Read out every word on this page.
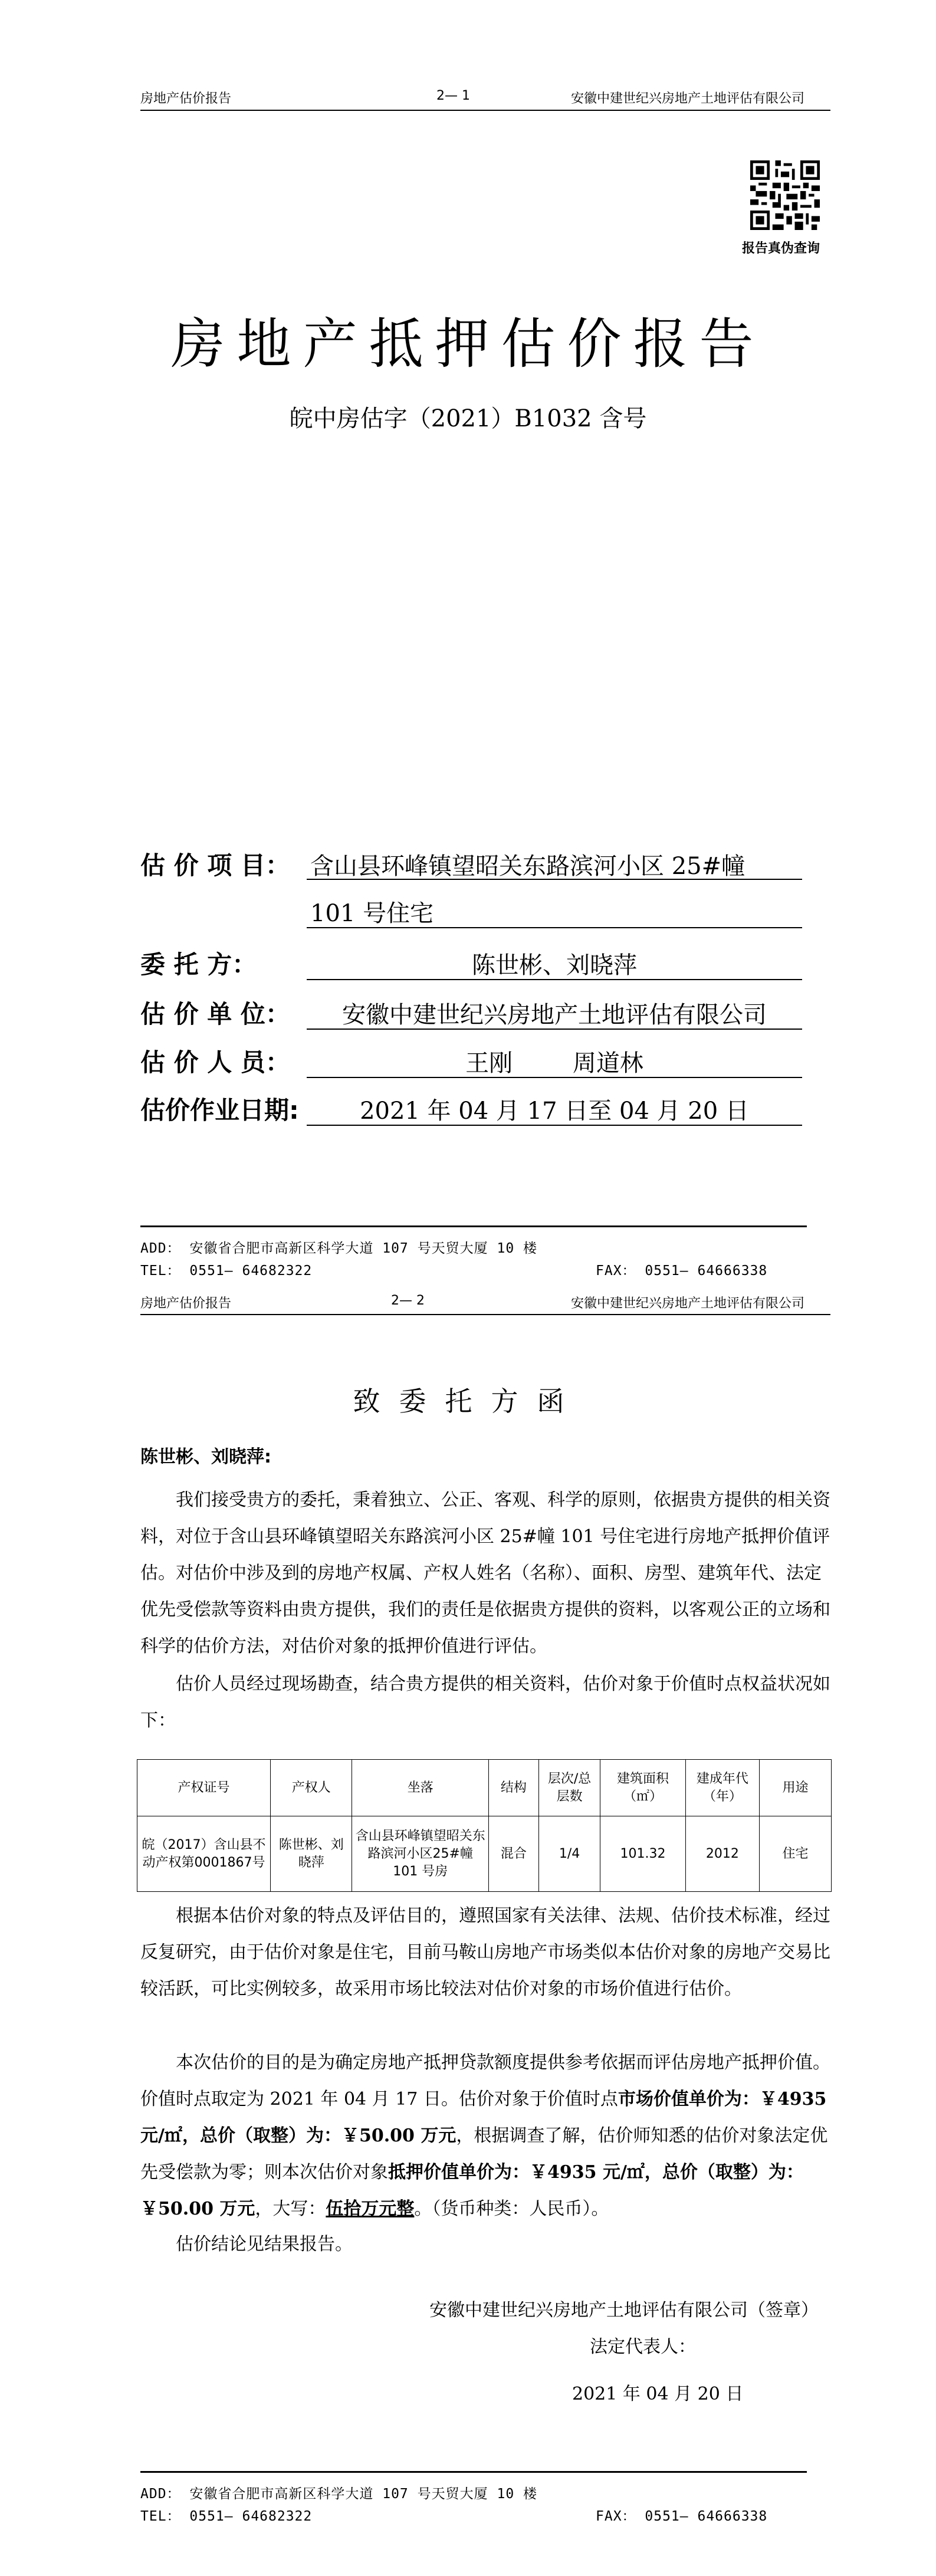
房地产估价报告	2— 1	安徽中建世纪兴房地产土地评估有限公司
报告真伪查询
房地产抵押估价报告
皖中房估字（2021）B1032 含号
估 价 项 目： 含山县环峰镇望昭关东路滨河小区 25#幢
101 号住宅
委 托 方：	陈世彬、刘晓萍
估 价 单 位：	安徽中建世纪兴房地产土地评估有限公司
估 价 人 员：	王刚        周道林
估价作业日期:	2021 年 04 月 17 日至 04 月 20 日
ADD： 安徽省合肥市高新区科学大道 107 号天贸大厦 10 楼
TEL： 0551— 64682322	FAX： 0551— 64666338
房地产估价报告	2— 2	安徽中建世纪兴房地产土地评估有限公司
致委托方函
陈世彬、刘晓萍:
我们接受贵方的委托，秉着独立、公正、客观、科学的原则，依据贵方提供的相关资料，对位于含山县环峰镇望昭关东路滨河小区 25#幢 101 号住宅进行房地产抵押价值评估。对估价中涉及到的房地产权属、产权人姓名（名称）、面积、房型、建筑年代、法定优先受偿款等资料由贵方提供，我们的责任是依据贵方提供的资料，以客观公正的立场和科学的估价方法，对估价对象的抵押价值进行评估。
估价人员经过现场勘查，结合贵方提供的相关资料，估价对象于价值时点权益状况如下：
产权证号	产权人	坐落	结构	层次/总层数	建筑面积（㎡）	建成年代（年）	用途
皖（2017）含山县不动产权第0001867号	陈世彬、刘晓萍	含山县环峰镇望昭关东路滨河小区25#幢 101 号房	混合	1/4	101.32	2012	住宅
根据本估价对象的特点及评估目的，遵照国家有关法律、法规、估价技术标准，经过反复研究，由于估价对象是住宅，目前马鞍山房地产市场类似本估价对象的房地产交易比较活跃，可比实例较多，故采用市场比较法对估价对象的市场价值进行估价。
本次估价的目的是为确定房地产抵押贷款额度提供参考依据而评估房地产抵押价值。价值时点取定为 2021 年 04 月 17 日。估价对象于价值时点市场价值单价为：￥4935 元/㎡，总价（取整）为：￥50.00 万元，根据调查了解，估价师知悉的估价对象法定优先受偿款为零；则本次估价对象抵押价值单价为：￥4935 元/㎡，总价（取整）为：￥50.00 万元，大写：伍拾万元整。（货币种类：人民币）。
估价结论见结果报告。
安徽中建世纪兴房地产土地评估有限公司（签章）
法定代表人：
2021 年 04 月 20 日
ADD： 安徽省合肥市高新区科学大道 107 号天贸大厦 10 楼
TEL： 0551— 64682322	FAX： 0551— 64666338
